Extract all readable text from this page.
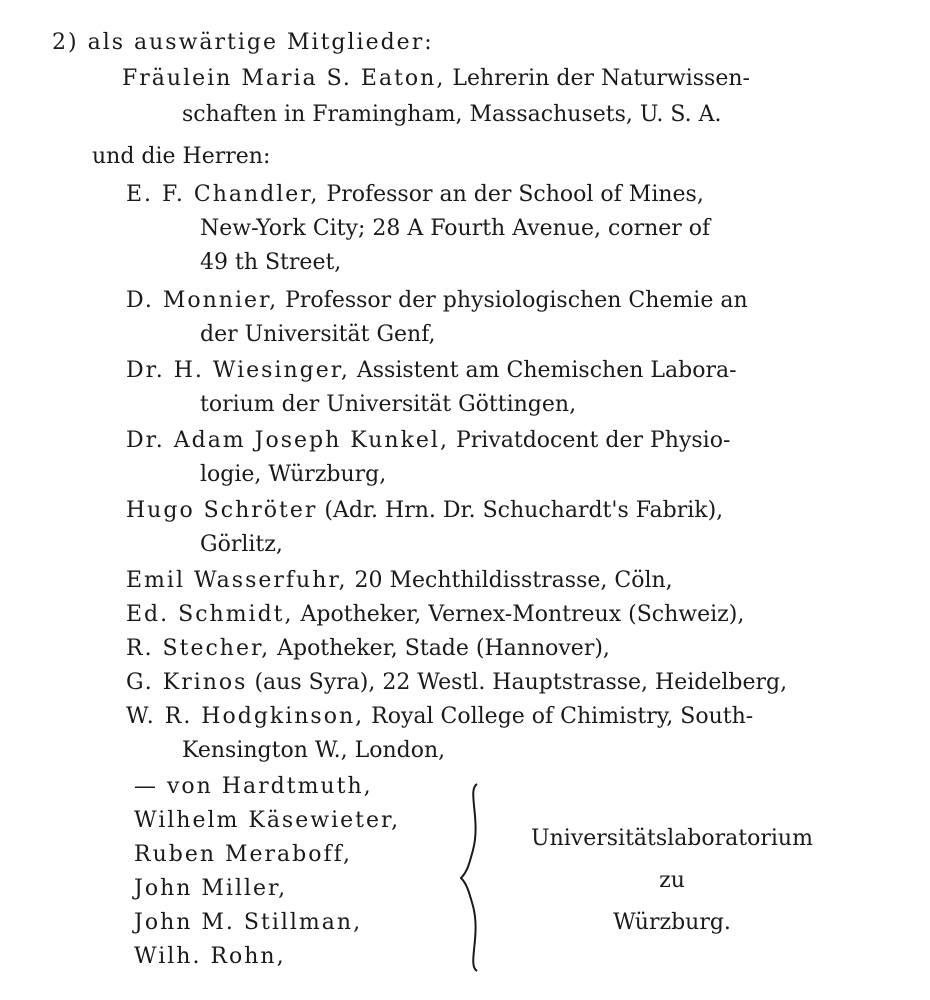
2) als auswärtige Mitglieder:
Fräulein Maria S. Eaton, Lehrerin der Naturwissen-
schaften in Framingham, Massachusets, U. S. A.
und die Herren:
E. F. Chandler, Professor an der School of Mines,
New-York City; 28 A Fourth Avenue, corner of
49 th Street,
D. Monnier, Professor der physiologischen Chemie an
der Universität Genf,
Dr. H. Wiesinger, Assistent am Chemischen Labora-
torium der Universität Göttingen,
Dr. Adam Joseph Kunkel, Privatdocent der Physio-
logie, Würzburg,
Hugo Schröter (Adr. Hrn. Dr. Schuchardt's Fabrik),
Görlitz,
Emil Wasserfuhr, 20 Mechthildisstrasse, Cöln,
Ed. Schmidt, Apotheker, Vernex-Montreux (Schweiz),
R. Stecher, Apotheker, Stade (Hannover),
G. Krinos (aus Syra), 22 Westl. Hauptstrasse, Heidelberg,
W. R. Hodgkinson, Royal College of Chimistry, South-
Kensington W., London,
— von Hardtmuth,
Wilhelm Käsewieter,
Ruben Meraboff,
John Miller,
John M. Stillman,
Wilh. Rohn,
Universitätslaboratorium
zu
Würzburg.
